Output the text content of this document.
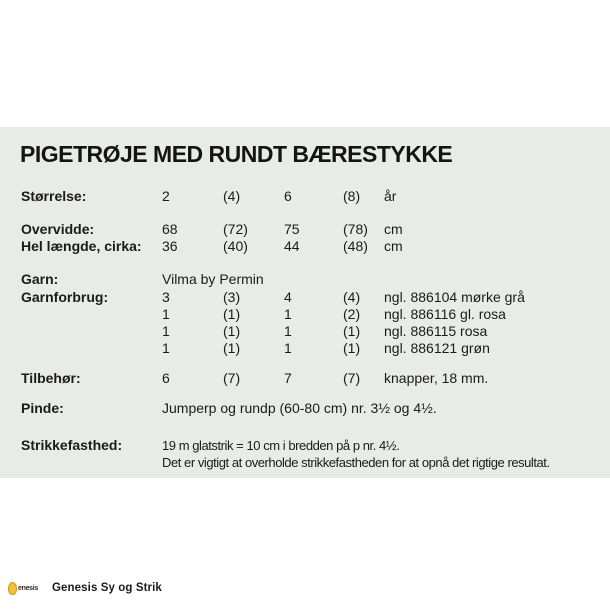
PIGETRØJE MED RUNDT BÆRESTYKKE
Størrelse:	2	(4)	6	(8) år
Overvidde:	68	(72)	75	(78) cm
Hel længde, cirka: 36	(40)	44	(48) cm
Garn:	Vilma by Permin
Garnforbrug:	3	(3)	4	(4) ngl. 886104 mørke grå
1	(1)	1	(2) ngl. 886116 gl. rosa
1	(1)	1	(1) ngl. 886115 rosa
1	(1)	1	(1) ngl. 886121 grøn
Tilbehør:	6	(7)	7	(7) knapper, 18 mm.
Pinde:	Jumperp og rundp (60-80 cm) nr. 3½ og 4½.
Strikkefasthed:	19 m glatstrik = 10 cm i bredden på p nr. 4½.
Det er vigtigt at overholde strikkefastheden for at opnå det rigtige resultat.
enesis Genesis Sy og Strik
